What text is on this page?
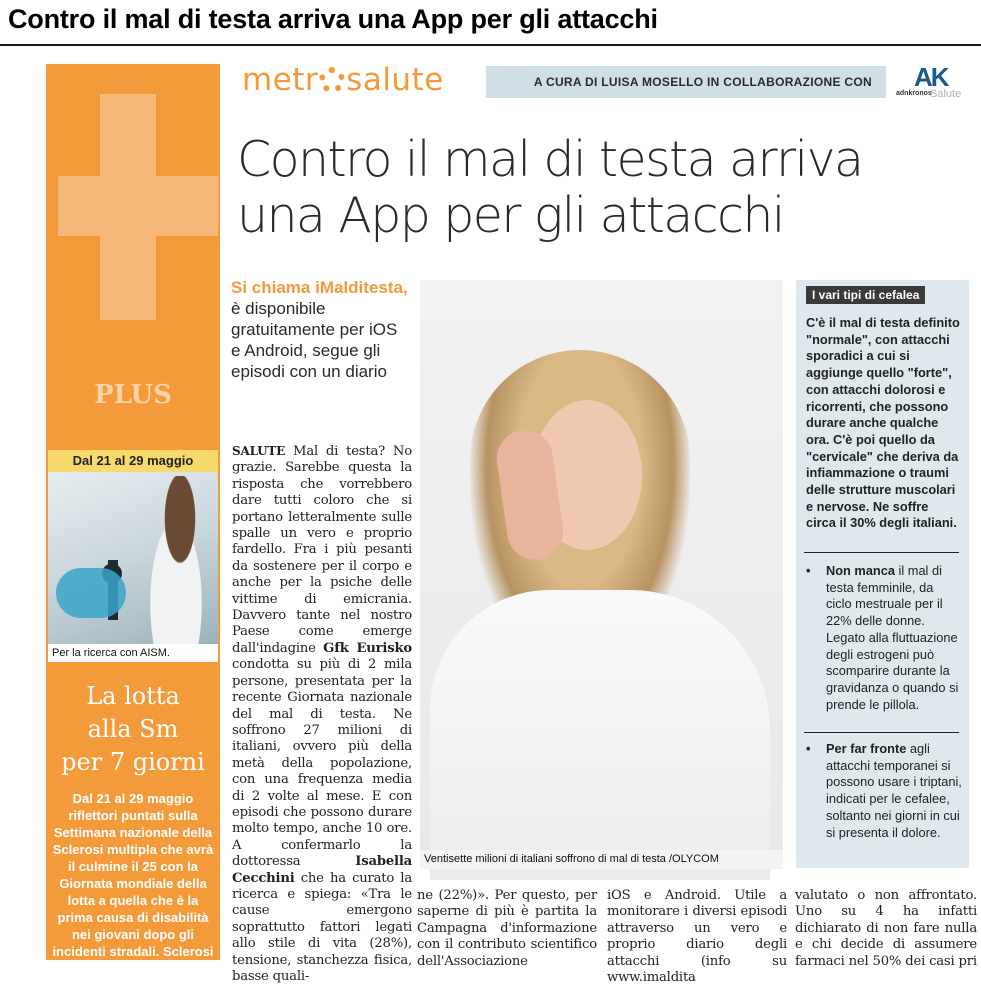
Contro il mal di testa arriva una App per gli attacchi
PLUS
Dal 21 al 29 maggio
Per la ricerca con AISM.
La lotta
alla Sm
per 7 giorni
Dal 21 al 29 maggio riflettori puntati sulla Settimana nazionale della Sclerosi multipla che avrà il culmine il 25 con la Giornata mondiale della lotta a quella che è la prima causa di disabilità nei giovani dopo gli incidenti stradali. Sclerosi
metr salute	A CURA DI LUISA MOSELLO IN COLLABORAZIONE CON	AK
adnkronos
Salute
Contro il mal di testa arriva
una App per gli attacchi
Si chiama iMalditesta, è disponibile gratuitamente per iOS e Android, segue gli episodi con un diario
SALUTE Mal di testa? No grazie. Sarebbe questa la risposta che vorrebbero dare tutti coloro che si portano letteralmente sulle spalle un vero e proprio fardello. Fra i più pesanti da sostenere per il corpo e anche per la psiche delle vittime di emicrania. Davvero tante nel nostro Paese come emerge dall'indagine Gfk Eurisko condotta su più di 2 mila persone, presentata per la recente Giornata nazionale del mal di testa. Ne soffrono 27 milioni di italiani, ovvero più della metà della popolazione, con una frequenza media di 2 volte al mese. E con episodi che possono durare molto tempo, anche 10 ore. A confermarlo la dottoressa Isabella Cecchini che ha curato la ricerca e spiega: «Tra le cause emergono soprattutto fattori legati allo stile di vita (28%), tensione, stanchezza fisica, basse quali-
Ventisette milioni di italiani soffrono di mal di testa /OLYCOM
ne (22%)». Per questo, per saperne di più è partita la Campagna d'informazione con il contributo scientifico dell'Associazione
iOS e Android. Utile a monitorare i diversi episodi attraverso un vero e proprio diario degli attacchi (info su www.imaldita
valutato o non affrontato. Uno su 4 ha infatti dichiarato di non fare nulla e chi decide di assumere farmaci nel 50% dei casi pri
I vari tipi di cefalea
C'è il mal di testa definito "normale", con attacchi sporadici a cui si aggiunge quello "forte", con attacchi dolorosi e ricorrenti, che possono durare anche qualche ora. C'è poi quello da "cervicale" che deriva da infiammazione o traumi delle strutture muscolari e nervose. Ne soffre circa il 30% degli italiani.
• Non manca il mal di testa femminile, da ciclo mestruale per il 22% delle donne. Legato alla fluttuazione degli estrogeni può scomparire durante la gravidanza o quando si prende le pillola.
• Per far fronte agli attacchi temporanei si possono usare i triptani, indicati per le cefalee, soltanto nei giorni in cui si presenta il dolore.
